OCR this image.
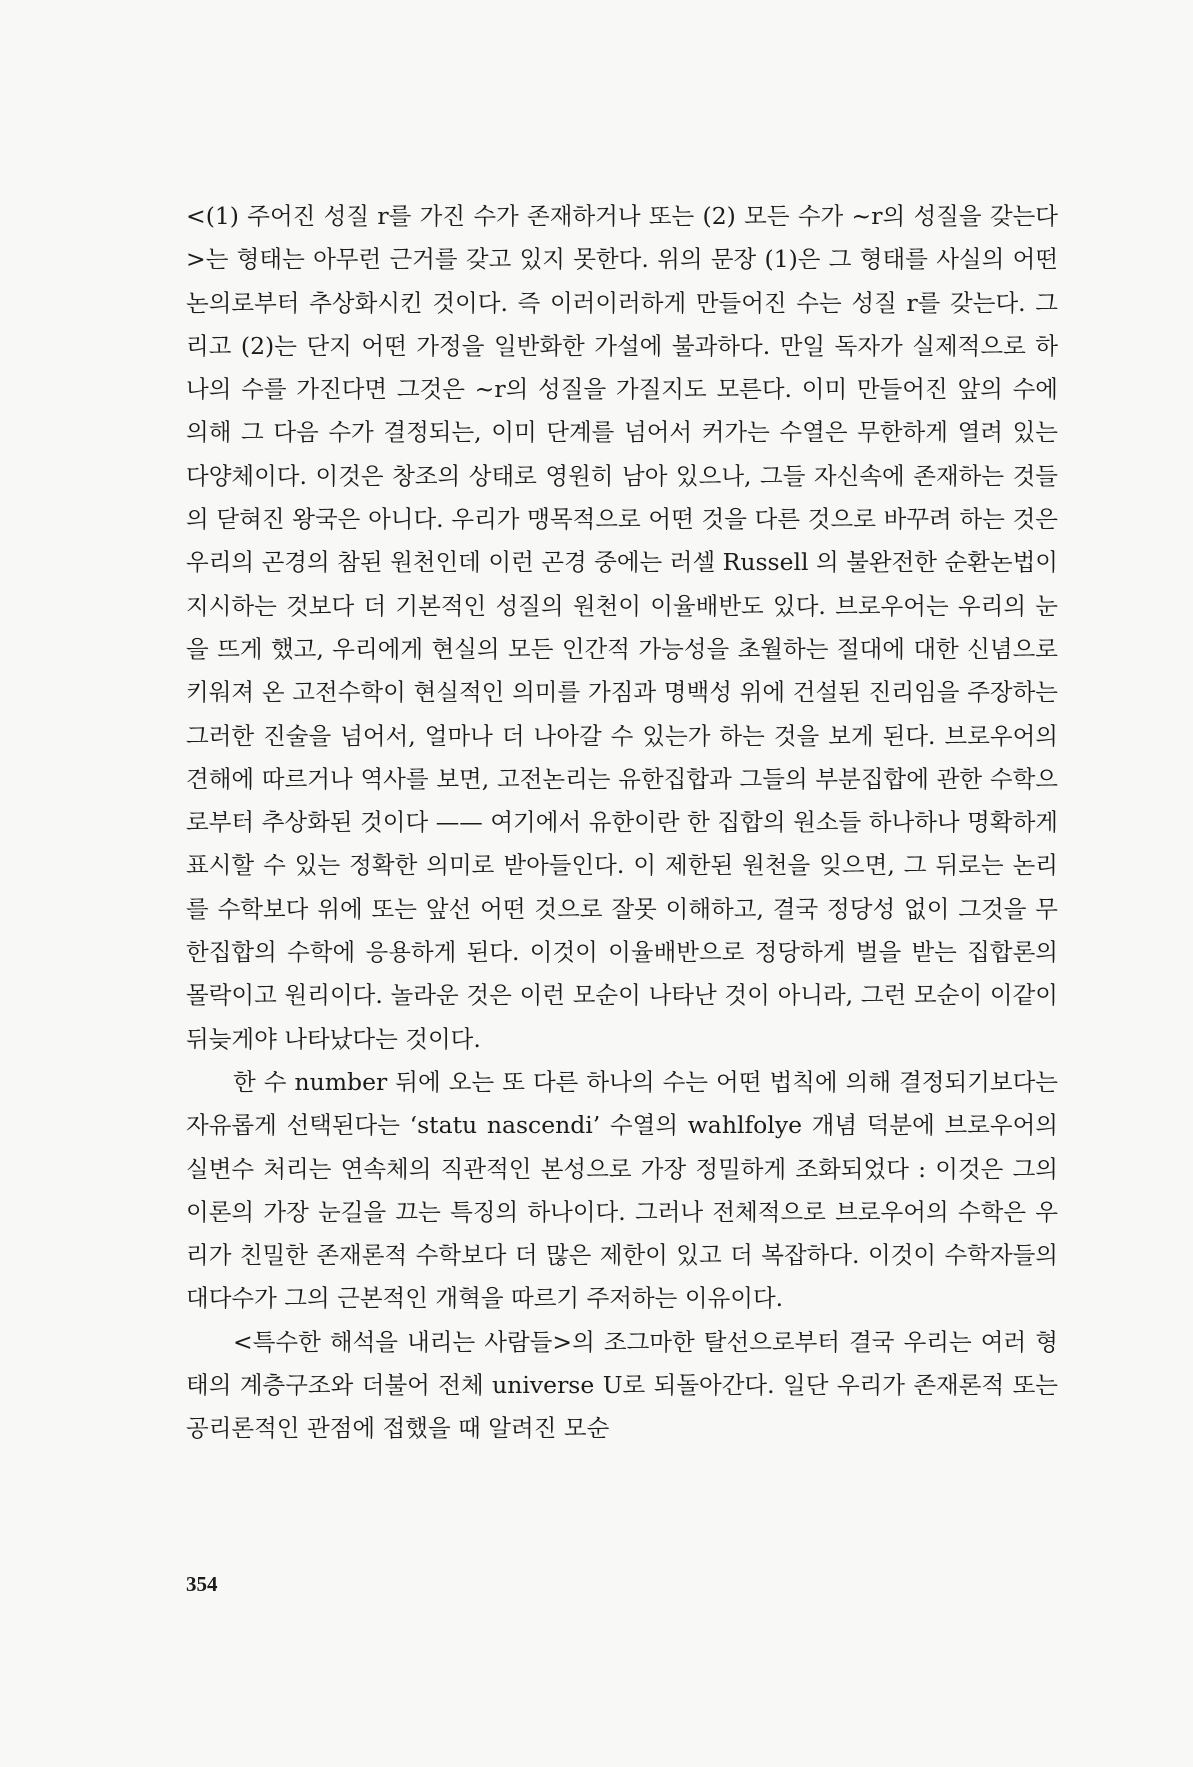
<(1) 주어진 성질 r를 가진 수가 존재하거나 또는 (2) 모든 수가 ~r의 성질을 갖는다>는 형태는 아무런 근거를 갖고 있지 못한다. 위의 문장 (1)은 그 형태를 사실의 어떤 논의로부터 추상화시킨 것이다. 즉 이러이러하게 만들어진 수는 성질 r를 갖는다. 그리고 (2)는 단지 어떤 가정을 일반화한 가설에 불과하다. 만일 독자가 실제적으로 하나의 수를 가진다면 그것은 ~r의 성질을 가질지도 모른다. 이미 만들어진 앞의 수에 의해 그 다음 수가 결정되는, 이미 단계를 넘어서 커가는 수열은 무한하게 열려 있는 다양체이다. 이것은 창조의 상태로 영원히 남아 있으나, 그들 자신속에 존재하는 것들의 닫혀진 왕국은 아니다. 우리가 맹목적으로 어떤 것을 다른 것으로 바꾸려 하는 것은 우리의 곤경의 참된 원천인데 이런 곤경 중에는 러셀 Russell 의 불완전한 순환논법이 지시하는 것보다 더 기본적인 성질의 원천이 이율배반도 있다. 브로우어는 우리의 눈을 뜨게 했고, 우리에게 현실의 모든 인간적 가능성을 초월하는 절대에 대한 신념으로 키워져 온 고전수학이 현실적인 의미를 가짐과 명백성 위에 건설된 진리임을 주장하는 그러한 진술을 넘어서, 얼마나 더 나아갈 수 있는가 하는 것을 보게 된다. 브로우어의 견해에 따르거나 역사를 보면, 고전논리는 유한집합과 그들의 부분집합에 관한 수학으로부터 추상화된 것이다 —— 여기에서 유한이란 한 집합의 원소들 하나하나 명확하게 표시할 수 있는 정확한 의미로 받아들인다. 이 제한된 원천을 잊으면, 그 뒤로는 논리를 수학보다 위에 또는 앞선 어떤 것으로 잘못 이해하고, 결국 정당성 없이 그것을 무한집합의 수학에 응용하게 된다. 이것이 이율배반으로 정당하게 벌을 받는 집합론의 몰락이고 원리이다. 놀라운 것은 이런 모순이 나타난 것이 아니라, 그런 모순이 이같이 뒤늦게야 나타났다는 것이다.

한 수 number 뒤에 오는 또 다른 하나의 수는 어떤 법칙에 의해 결정되기보다는 자유롭게 선택된다는 ‘statu nascendi’ 수열의 wahlfolye 개념 덕분에 브로우어의 실변수 처리는 연속체의 직관적인 본성으로 가장 정밀하게 조화되었다 : 이것은 그의 이론의 가장 눈길을 끄는 특징의 하나이다. 그러나 전체적으로 브로우어의 수학은 우리가 친밀한 존재론적 수학보다 더 많은 제한이 있고 더 복잡하다. 이것이 수학자들의 대다수가 그의 근본적인 개혁을 따르기 주저하는 이유이다.

<특수한 해석을 내리는 사람들>의 조그마한 탈선으로부터 결국 우리는 여러 형태의 계층구조와 더불어 전체 universe U로 되돌아간다. 일단 우리가 존재론적 또는 공리론적인 관점에 접했을 때 알려진 모순

354
